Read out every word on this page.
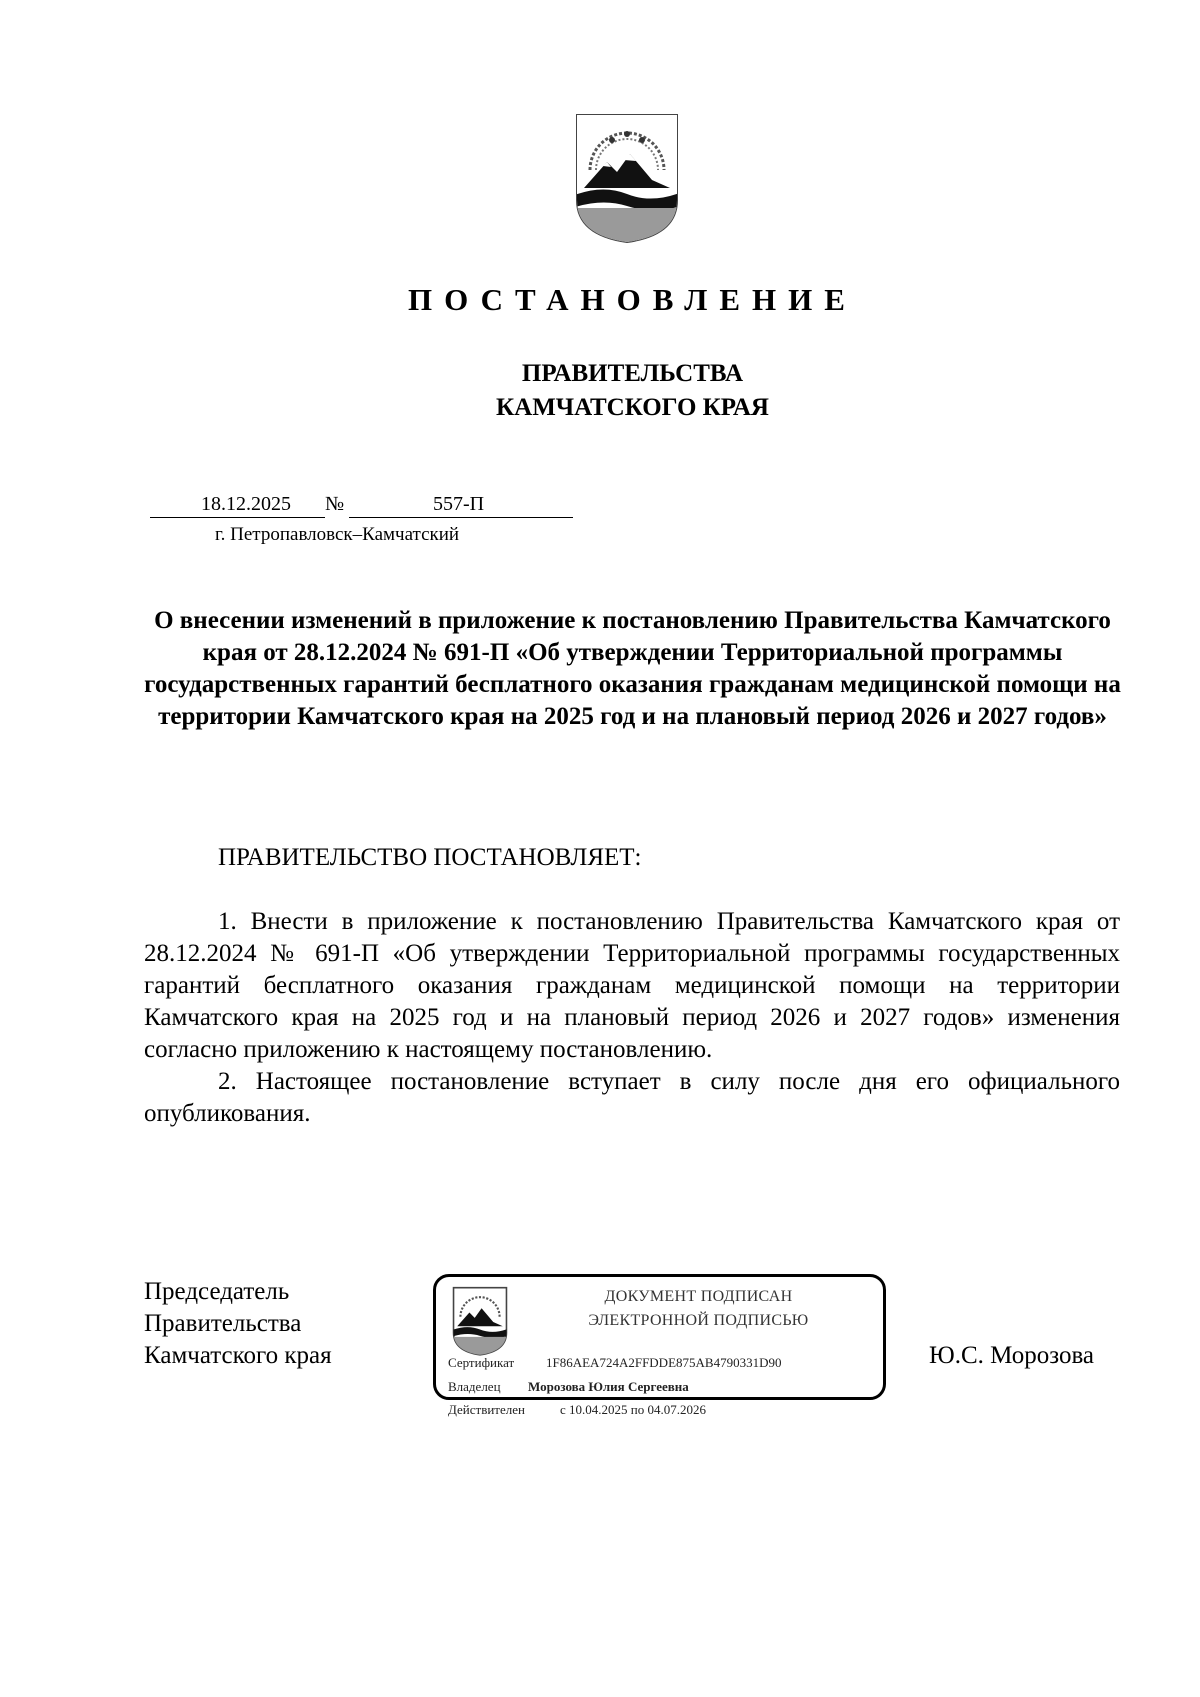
ПОСТАНОВЛЕНИЕ
ПРАВИТЕЛЬСТВА
КАМЧАТСКОГО КРАЯ
18.12.2025	№	557-П
г. Петропавловск–Камчатский
О внесении изменений в приложение к постановлению Правительства Камчатского края от 28.12.2024 № 691-П «Об утверждении Территориальной программы государственных гарантий бесплатного оказания гражданам медицинской помощи на территории Камчатского края на 2025 год и на плановый период 2026 и 2027 годов»
ПРАВИТЕЛЬСТВО ПОСТАНОВЛЯЕТ:

1. Внести в приложение к постановлению Правительства Камчатского края от 28.12.2024 № 691-П «Об утверждении Территориальной программы государственных гарантий бесплатного оказания гражданам медицинской помощи на территории Камчатского края на 2025 год и на плановый период 2026 и 2027 годов» изменения согласно приложению к настоящему постановлению.

2. Настоящее постановление вступает в силу после дня его официального опубликования.

Председатель
Правительства
Камчатского края
ДОКУМЕНТ ПОДПИСАН
ЭЛЕКТРОННОЙ ПОДПИСЬЮ
Сертификат 1F86AEA724A2FFDDE875AB4790331D90
Владелец Морозова Юлия Сергеевна
Действителен	с 10.04.2025 по 04.07.2026
Ю.С. Морозова
